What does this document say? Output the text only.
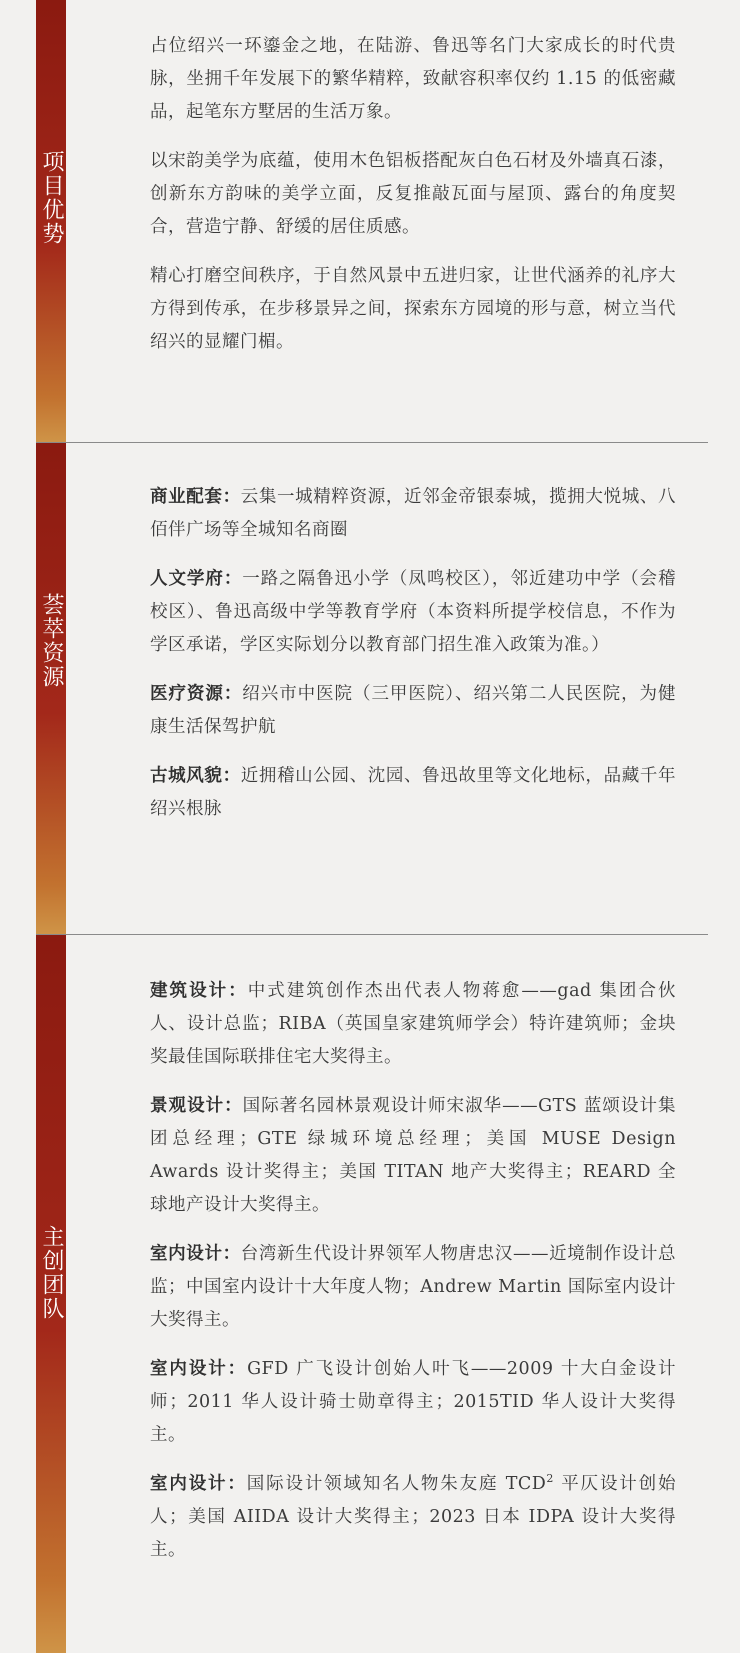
项目优势

占位绍兴一环鎏金之地，在陆游、鲁迅等名门大家成长的时代贵脉，坐拥千年发展下的繁华精粹，致献容积率仅约 1.15 的低密藏品，起笔东方墅居的生活万象。

以宋韵美学为底蕴，使用木色铝板搭配灰白色石材及外墙真石漆，创新东方韵味的美学立面，反复推敲瓦面与屋顶、露台的角度契合，营造宁静、舒缓的居住质感。

精心打磨空间秩序，于自然风景中五进归家，让世代涵养的礼序大方得到传承，在步移景异之间，探索东方园境的形与意，树立当代绍兴的显耀门楣。

荟萃资源

商业配套：云集一城精粹资源，近邻金帝银泰城，揽拥大悦城、八佰伴广场等全城知名商圈

人文学府：一路之隔鲁迅小学（凤鸣校区），邻近建功中学（会稽校区）、鲁迅高级中学等教育学府（本资料所提学校信息，不作为学区承诺，学区实际划分以教育部门招生准入政策为准。）

医疗资源：绍兴市中医院（三甲医院）、绍兴第二人民医院，为健康生活保驾护航

古城风貌：近拥稽山公园、沈园、鲁迅故里等文化地标，品藏千年绍兴根脉

主创团队

建筑设计：中式建筑创作杰出代表人物蒋愈——gad 集团合伙人、设计总监；RIBA（英国皇家建筑师学会）特许建筑师；金块奖最佳国际联排住宅大奖得主。

景观设计：国际著名园林景观设计师宋淑华——GTS 蓝颂设计集团总经理；GTE 绿城环境总经理；美国 MUSE Design Awards 设计奖得主；美国 TITAN 地产大奖得主；REARD 全球地产设计大奖得主。

室内设计：台湾新生代设计界领军人物唐忠汉——近境制作设计总监；中国室内设计十大年度人物；Andrew Martin 国际室内设计大奖得主。

室内设计：GFD 广飞设计创始人叶飞——2009 十大白金设计师；2011 华人设计骑士勋章得主；2015TID 华人设计大奖得主。

室内设计：国际设计领域知名人物朱友庭 TCD$^2$ 平仄设计创始人；美国 AIIDA 设计大奖得主；2023 日本 IDPA 设计大奖得主。
